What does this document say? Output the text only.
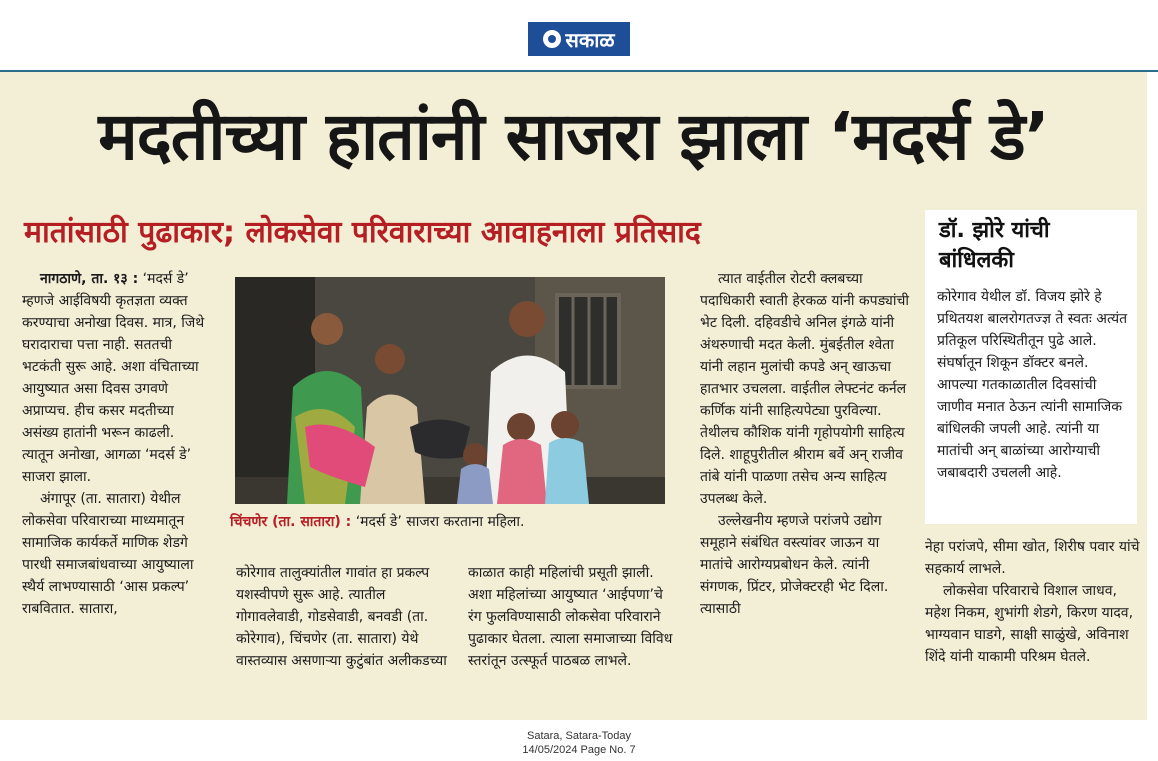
सकाळ
मदतीच्या हातांनी साजरा झाला ‘मदर्स डे’
मातांसाठी पुढाकार; लोकसेवा परिवाराच्या आवाहनाला प्रतिसाद

नागठाणे, ता. १३ : ‘मदर्स डे’ म्हणजे आईविषयी कृतज्ञता व्यक्त करण्याचा अनोखा दिवस. मात्र, जिथे घरादाराचा पत्ता नाही. सततची भटकंती सुरू आहे. अशा वंचिताच्या आयुष्यात असा दिवस उगवणे अप्राप्यच. हीच कसर मदतीच्या असंख्य हातांनी भरून काढली. त्यातून अनोखा, आगळा ‘मदर्स डे’ साजरा झाला.

अंगापूर (ता. सातारा) येथील लोकसेवा परिवाराच्या माध्यमातून सामाजिक कार्यकर्ते माणिक शेडगे पारधी समाजबांधवाच्या आयुष्याला स्थैर्य लाभण्यासाठी ‘आस प्रकल्प’ राबवितात. सातारा,

चिंचणेर (ता. सातारा) : ‘मदर्स डे’ साजरा करताना महिला.

कोरेगाव तालुक्यांतील गावांत हा प्रकल्प यशस्वीपणे सुरू आहे. त्यातील गोगावलेवाडी, गोडसेवाडी, बनवडी (ता. कोरेगाव), चिंचणेर (ता. सातारा) येथे वास्तव्यास असणाऱ्या कुटुंबांत अलीकडच्या

काळात काही महिलांची प्रसूती झाली. अशा महिलांच्या आयुष्यात ‘आईपणा’चे रंग फुलविण्यासाठी लोकसेवा परिवाराने पुढाकार घेतला. त्याला समाजाच्या विविध स्तरांतून उत्स्फूर्त पाठबळ लाभले.

त्यात वाईतील रोटरी क्लबच्या पदाधिकारी स्वाती हेरकळ यांनी कपड्यांची भेट दिली. दहिवडीचे अनिल इंगळे यांनी अंथरुणाची मदत केली. मुंबईतील श्वेता यांनी लहान मुलांची कपडे अन्‌ खाऊचा हातभार उचलला. वाईतील लेफ्टनंट कर्नल कर्णिक यांनी साहित्यपेट्या पुरविल्या. तेथीलच कौशिक यांनी गृहोपयोगी साहित्य दिले. शाहूपुरीतील श्रीराम बर्वे अन्‌ राजीव तांबे यांनी पाळणा तसेच अन्य साहित्य उपलब्ध केले.

उल्लेखनीय म्हणजे परांजपे उद्योग समूहाने संबंधित वस्त्यांवर जाऊन या मातांचे आरोग्यप्रबोधन केले. त्यांनी संगणक, प्रिंटर, प्रोजेक्टरही भेट दिला. त्यासाठी

डॉ. झोरे यांची बांधिलकी

कोरेगाव येथील डॉ. विजय झोरे हे प्रथितयश बालरोगतज्ज्ञ ते स्वतः अत्यंत प्रतिकूल परिस्थितीतून पुढे आले. संघर्षातून शिकून डॉक्टर बनले. आपल्या गतकाळातील दिवसांची जाणीव मनात ठेऊन त्यांनी सामाजिक बांधिलकी जपली आहे. त्यांनी या मातांची अन्‌ बाळांच्या आरोग्याची जबाबदारी उचलली आहे.

नेहा परांजपे, सीमा खोत, शिरीष पवार यांचे सहकार्य लाभले.

लोकसेवा परिवाराचे विशाल जाधव, महेश निकम, शुभांगी शेडगे, किरण यादव, भाग्यवान घाडगे, साक्षी साळुंखे, अविनाश शिंदे यांनी याकामी परिश्रम घेतले.

Satara, Satara-Today
14/05/2024 Page No. 7
